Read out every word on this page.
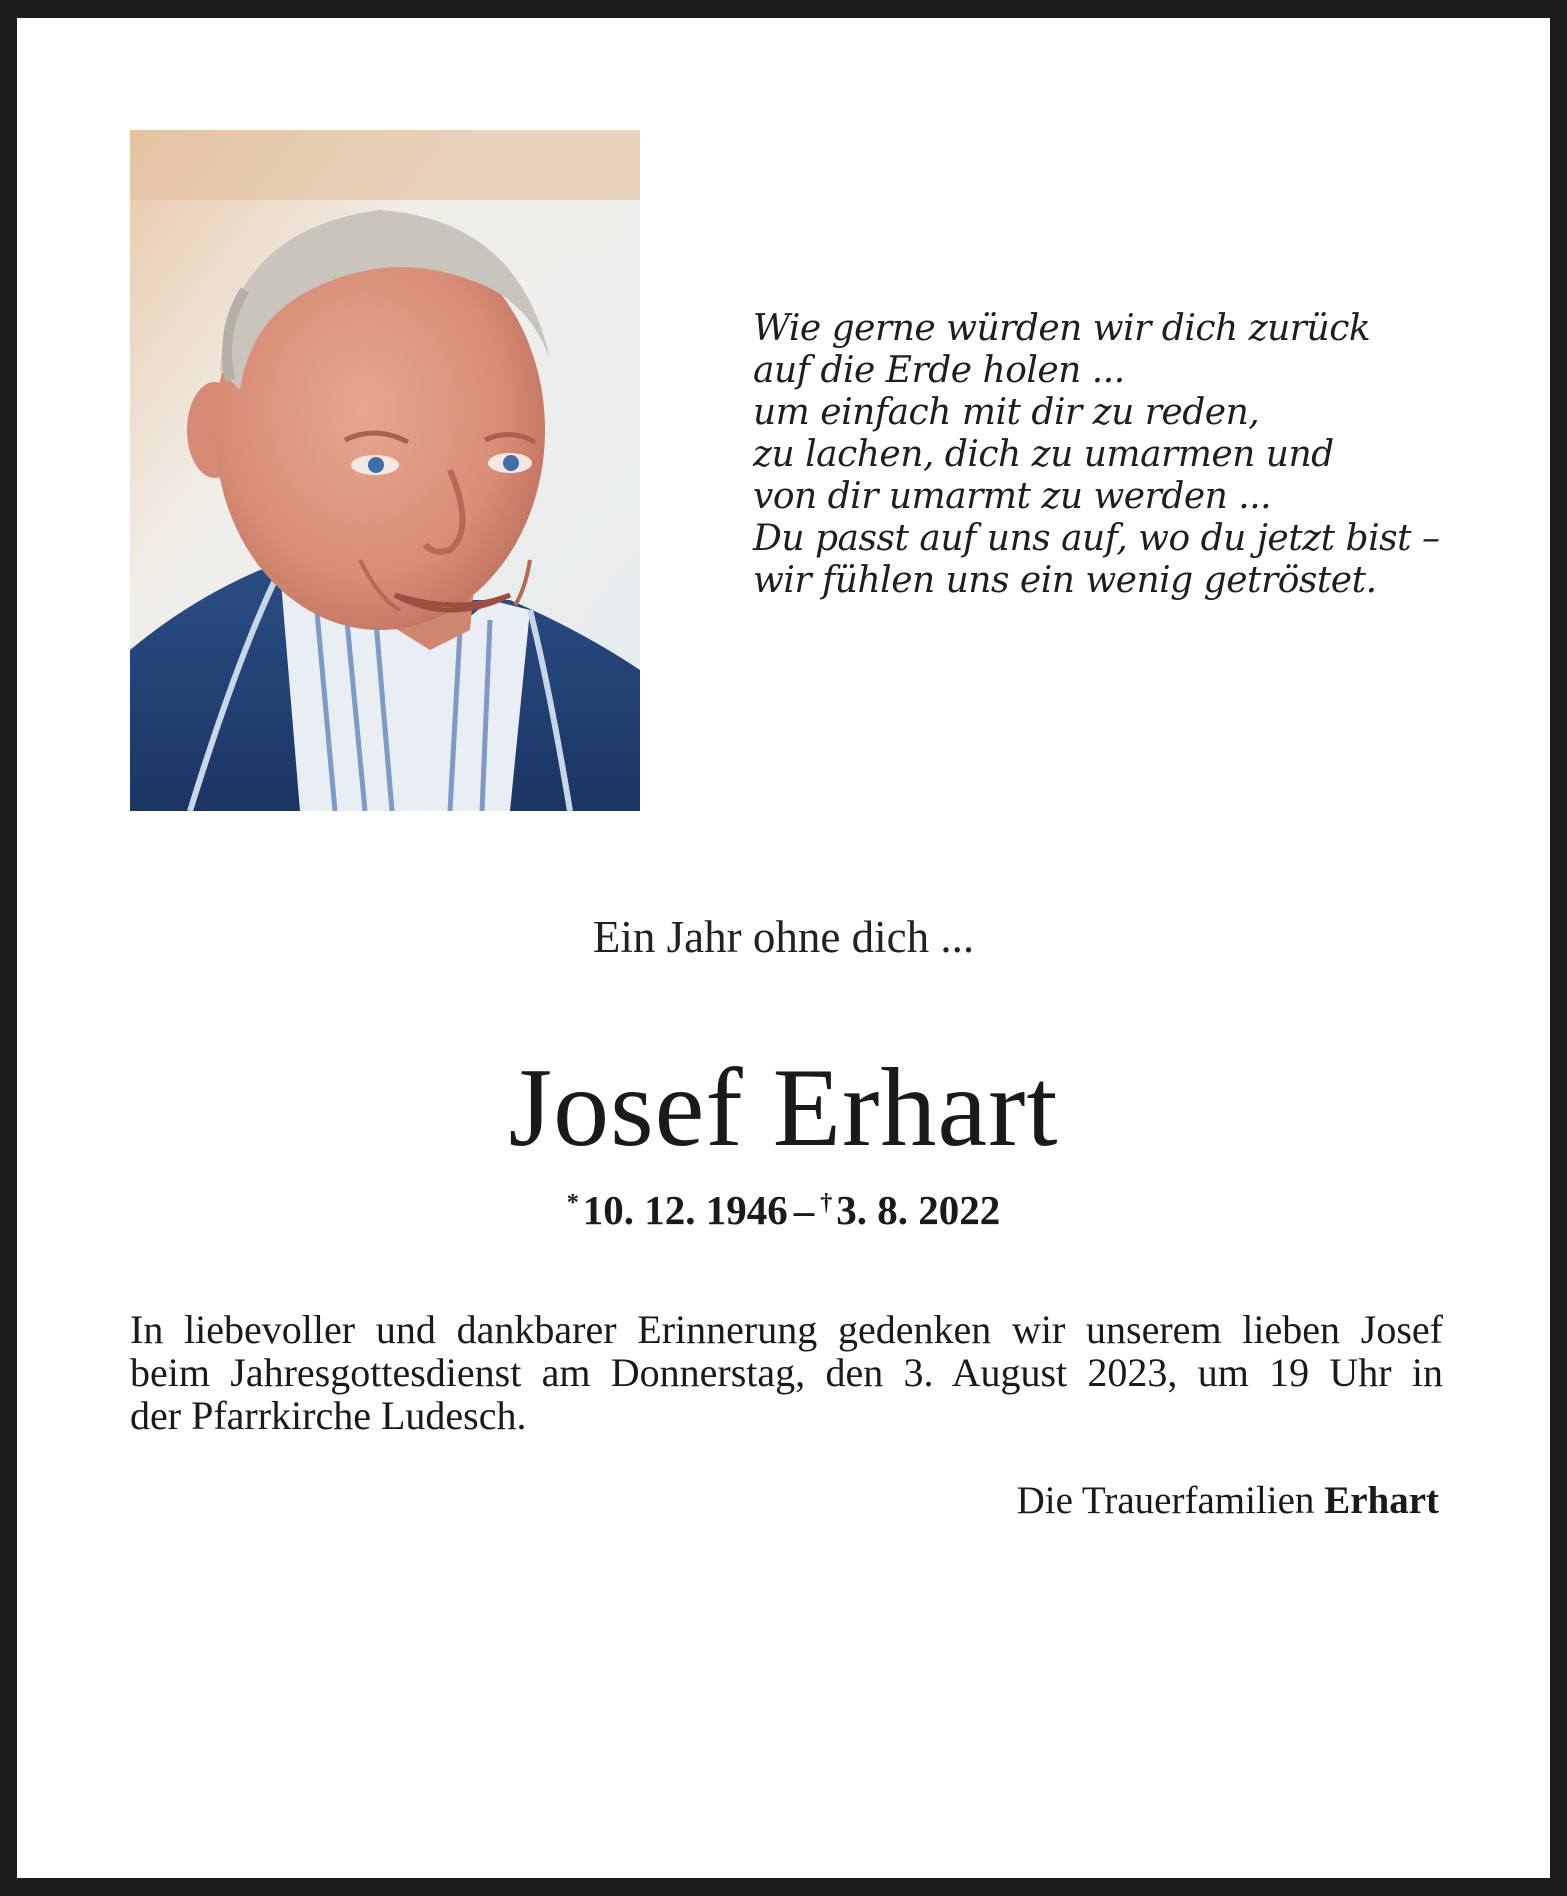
Wie gerne würden wir dich zurück
auf die Erde holen ...
um einfach mit dir zu reden,
zu lachen, dich zu umarmen und
von dir umarmt zu werden ...
Du passt auf uns auf, wo du jetzt bist –
wir fühlen uns ein wenig getröstet.
Ein Jahr ohne dich ...
Josef Erhart
*10. 12. 1946 – †3. 8. 2022
In liebevoller und dankbarer Erinnerung gedenken wir unserem lieben Josef
beim Jahresgottesdienst am Donnerstag, den 3. August 2023, um 19 Uhr in
der Pfarrkirche Ludesch.
Die Trauerfamilien Erhart
